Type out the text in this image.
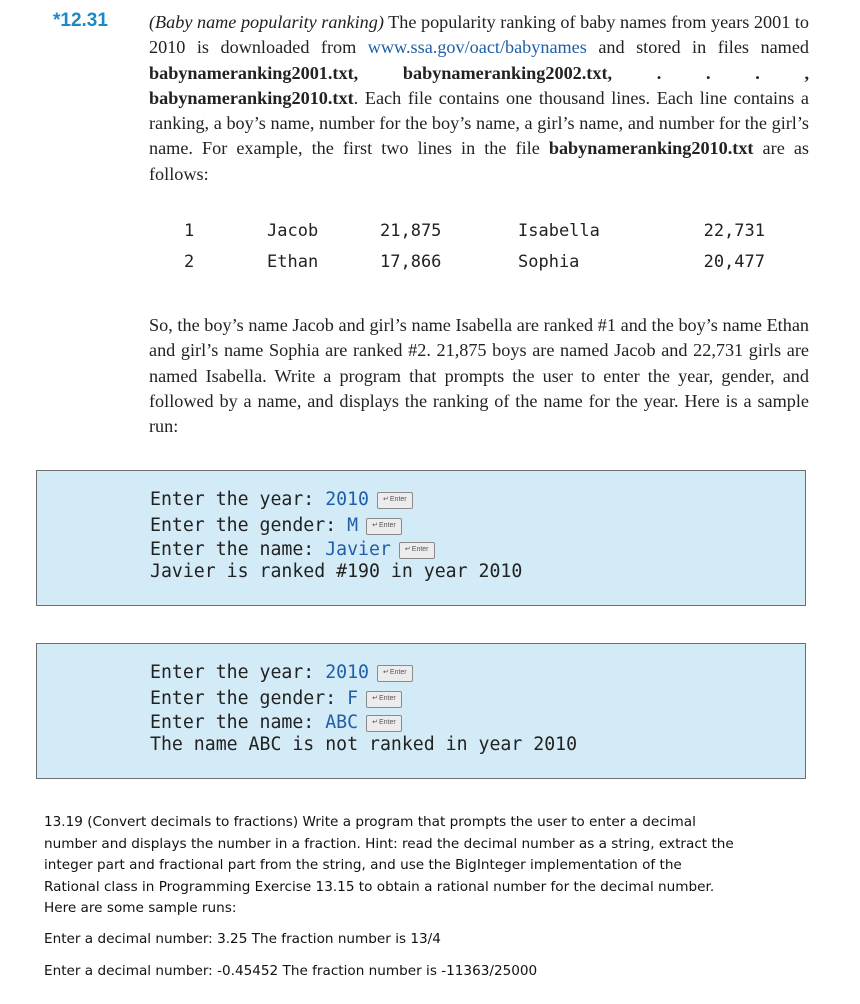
*12.31 (Baby name popularity ranking) The popularity ranking of baby names from years 2001 to 2010 is downloaded from www.ssa.gov/oact/babynames and stored in files named babynameranking2001.txt, babynameranking2002.txt, . . . , babynameranking2010.txt. Each file contains one thousand lines. Each line contains a ranking, a boy’s name, number for the boy’s name, a girl’s name, and number for the girl’s name. For example, the first two lines in the file babynameranking2010.txt are as follows:
1	Jacob	21,875	Isabella	22,731
2	Ethan	17,866	Sophia	20,477
So, the boy’s name Jacob and girl’s name Isabella are ranked #1 and the boy’s name Ethan and girl’s name Sophia are ranked #2. 21,875 boys are named Jacob and 22,731 girls are named Isabella. Write a program that prompts the user to enter the year, gender, and followed by a name, and displays the ranking of the name for the year. Here is a sample run:
Enter the year: 2010	↵ Enter
Enter the gender: M	↵ Enter
Enter the name: Javier	↵ Enter
Javier is ranked #190 in year 2010
Enter the year: 2010	↵ Enter
Enter the gender: F	↵ Enter
Enter the name: ABC	↵ Enter
The name ABC is not ranked in year 2010

13.19 (Convert decimals to fractions) Write a program that prompts the user to enter a decimal number and displays the number in a fraction. Hint: read the decimal number as a string, extract the integer part and fractional part from the string, and use the BigInteger implementation of the Rational class in Programming Exercise 13.15 to obtain a rational number for the decimal number. Here are some sample runs:

Enter a decimal number: 3.25 The fraction number is 13/4

Enter a decimal number: -0.45452 The fraction number is -11363/25000
